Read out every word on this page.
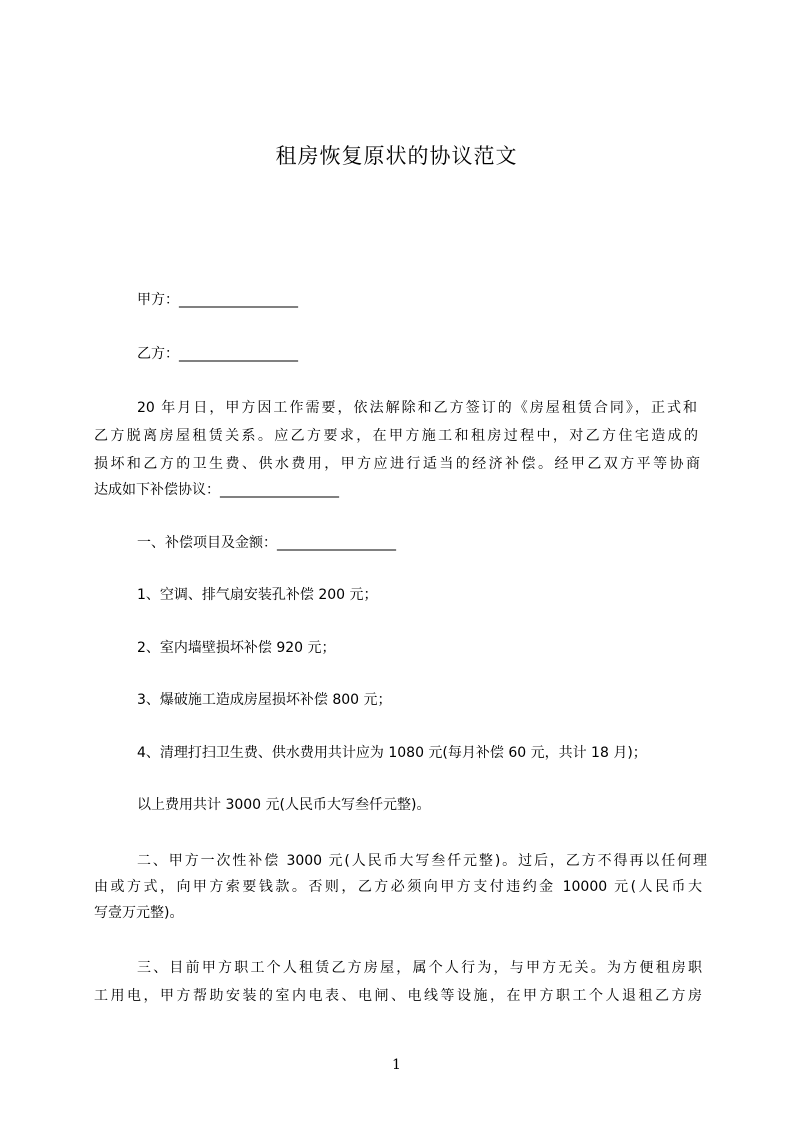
租房恢复原状的协议范文
甲方：_________________
乙方：_________________
20 年月日，甲方因工作需要，依法解除和乙方签订的《房屋租赁合同》，正式和
乙方脱离房屋租赁关系。应乙方要求，在甲方施工和租房过程中，对乙方住宅造成的
损坏和乙方的卫生费、供水费用，甲方应进行适当的经济补偿。经甲乙双方平等协商
达成如下补偿协议：_________________
一、补偿项目及金额：_________________
1、空调、排气扇安装孔补偿 200 元；
2、室内墙壁损坏补偿 920 元；
3、爆破施工造成房屋损坏补偿 800 元；
4、清理打扫卫生费、供水费用共计应为 1080 元(每月补偿 60 元，共计 18 月)；
以上费用共计 3000 元(人民币大写叁仟元整)。
二、甲方一次性补偿 3000 元(人民币大写叁仟元整)。过后，乙方不得再以任何理
由或方式，向甲方索要钱款。否则，乙方必须向甲方支付违约金 10000 元(人民币大
写壹万元整)。
三、目前甲方职工个人租赁乙方房屋，属个人行为，与甲方无关。为方便租房职
工用电，甲方帮助安装的室内电表、电闸、电线等设施，在甲方职工个人退租乙方房
1
